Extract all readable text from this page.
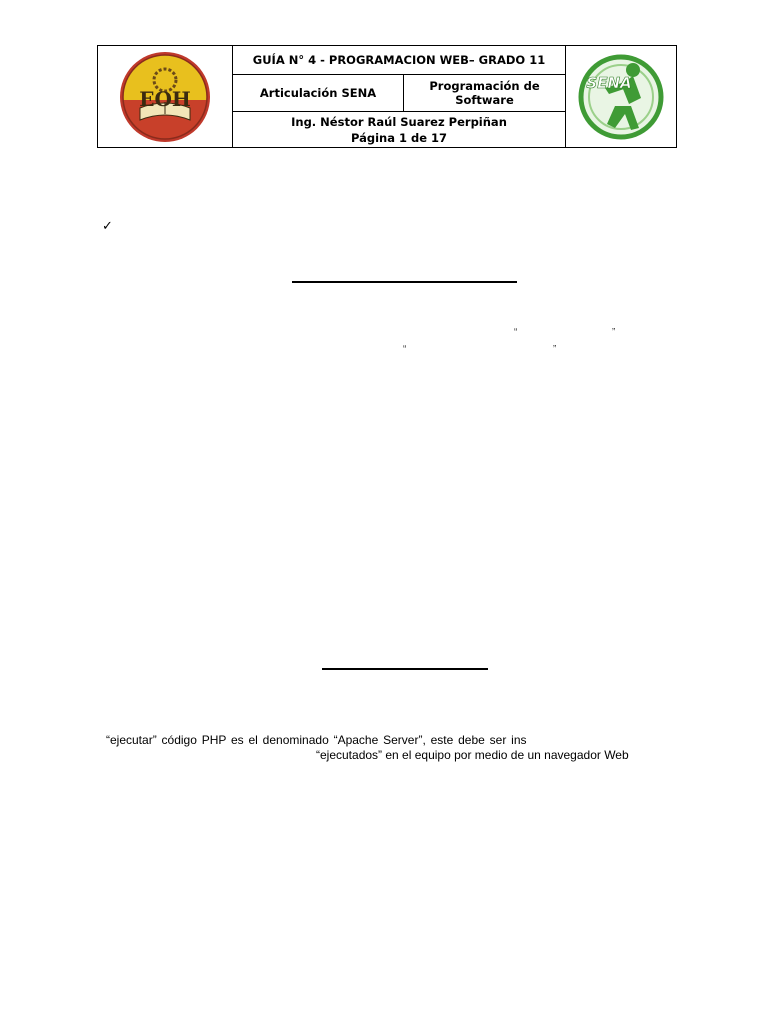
EOH	GUÍA N° 4 - PROGRAMACION WEB– GRADO 11		SENA

	Articulación SENA	Programación de Software	

	Ing. Néstor Raúl Suarez Perpiñan
Página 1 de 17		
✓
“	”
“	”
“ejecutar” código PHP es el denominado “Apache Server”, este debe ser ins
“ejecutados” en el equipo por medio de un navegador Web
